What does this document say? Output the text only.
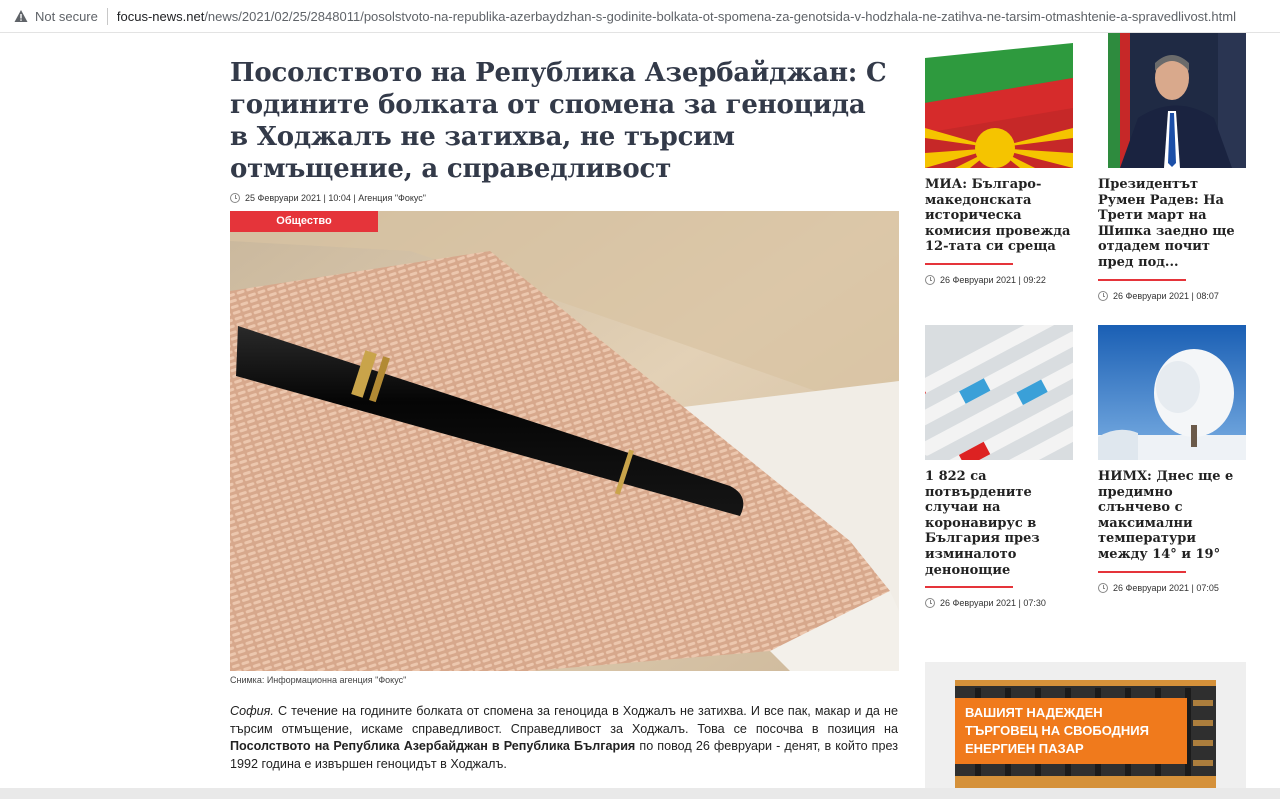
Not secure focus-news.net/news/2021/02/25/2848011/posolstvoto-na-republika-azerbaydzhan-s-godinite-bolkata-ot-spomena-za-genotsida-v-hodzhala-ne-zatihva-ne-tarsim-otmashtenie-a-spravedlivost.html
Посолството на Република Азербайджан: С годините болката от спомена за геноцида в Ходжалъ не затихва, не търсим отмъщение, а справедливост
25 Февруари 2021 | 10:04 | Агенция "Фокус"
Общество
Снимка: Информационна агенция "Фокус"

София. С течение на годините болката от спомена за геноцида в Ходжалъ не затихва. И все пак, макар и да не търсим отмъщение, искаме справедливост. Справедливост за Ходжалъ. Това се посочва в позиция на Посолството на Република Азербайджан в Република България по повод 26 февруари - денят, в който през 1992 година е извършен геноцидът в Ходжалъ.

АКЦЕНТИ
МИА: Българо-македонската историческа комисия провежда 12-тата си среща
26 Февруари 2021 | 09:22
Президентът Румен Радев: На Трети март на Шипка заедно ще отдадем почит пред под...
26 Февруари 2021 | 08:07
1 822 са потвърдените случаи на коронавирус в България през изминалото денонощие
26 Февруари 2021 | 07:30
НИМХ: Днес ще е предимно слънчево с максимални температури между 14° и 19°
26 Февруари 2021 | 07:05
ВАШИЯТ НАДЕЖДЕН ТЪРГОВЕЦ НА СВОБОДНИЯ ЕНЕРГИЕН ПАЗАР
